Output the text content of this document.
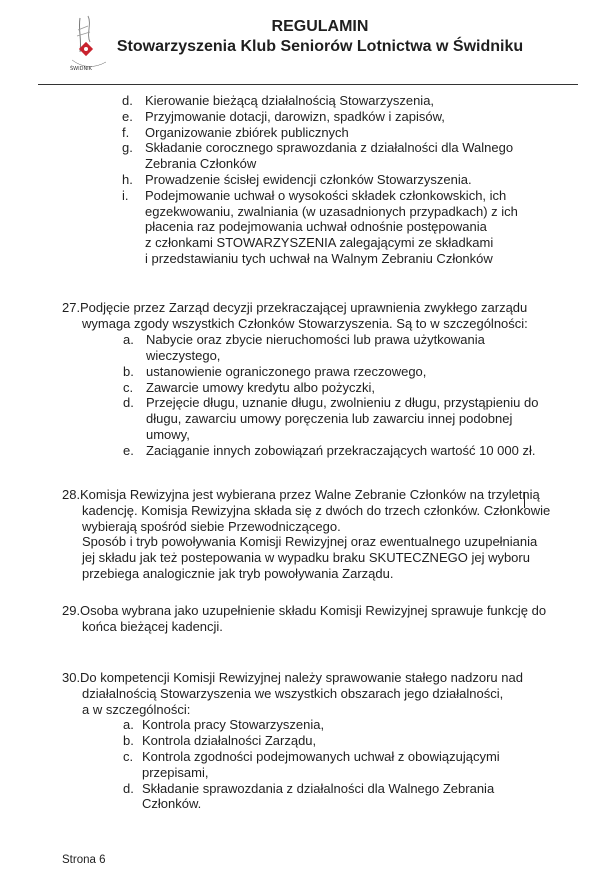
ŚWIDNIK
REGULAMIN
Stowarzyszenia Klub Seniorów Lotnictwa w Świdniku
d. Kierowanie bieżącą działalnością Stowarzyszenia,
e. Przyjmowanie dotacji, darowizn, spadków i zapisów,
f. Organizowanie zbiórek publicznych
g. Składanie corocznego sprawozdania z działalności dla Walnego
Zebrania Członków
h. Prowadzenie ścisłej ewidencji członków Stowarzyszenia.
i. Podejmowanie uchwał o wysokości składek członkowskich, ich
egzekwowaniu, zwalniania (w uzasadnionych przypadkach) z ich
płacenia raz podejmowania uchwał odnośnie postępowania
z członkami STOWARZYSZENIA zalegającymi ze składkami
i przedstawianiu tych uchwał na Walnym Zebraniu Członków
27. Podjęcie przez Zarząd decyzji przekraczającej uprawnienia zwykłego zarządu
wymaga zgody wszystkich Członków Stowarzyszenia. Są to w szczególności:
a. Nabycie oraz zbycie nieruchomości lub prawa użytkowania
wieczystego,
b. ustanowienie ograniczonego prawa rzeczowego,
c. Zawarcie umowy kredytu albo pożyczki,
d. Przejęcie długu, uznanie długu, zwolnieniu z długu, przystąpieniu do
długu, zawarciu umowy poręczenia lub zawarciu innej podobnej
umowy,
e. Zaciąganie innych zobowiązań przekraczających wartość 10 000 zł.
28. Komisja Rewizyjna jest wybierana przez Walne Zebranie Członków na trzyletnią
kadencję. Komisja Rewizyjna składa się z dwóch do trzech członków. Członkowie
wybierają spośród siebie Przewodniczącego.
Sposób i tryb powoływania Komisji Rewizyjnej oraz ewentualnego uzupełniania
jej składu jak też postepowania w wypadku braku SKUTECZNEGO jej wyboru
przebiega analogicznie jak tryb powoływania Zarządu.
29. Osoba wybrana jako uzupełnienie składu Komisji Rewizyjnej sprawuje funkcję do
końca bieżącej kadencji.
30. Do kompetencji Komisji Rewizyjnej należy sprawowanie stałego nadzoru nad
działalnością Stowarzyszenia we wszystkich obszarach jego działalności,
a w szczególności:
a. Kontrola pracy Stowarzyszenia,
b. Kontrola działalności Zarządu,
c. Kontrola zgodności podejmowanych uchwał z obowiązującymi
przepisami,
d. Składanie sprawozdania z działalności dla Walnego Zebrania
Członków.
Strona 6
